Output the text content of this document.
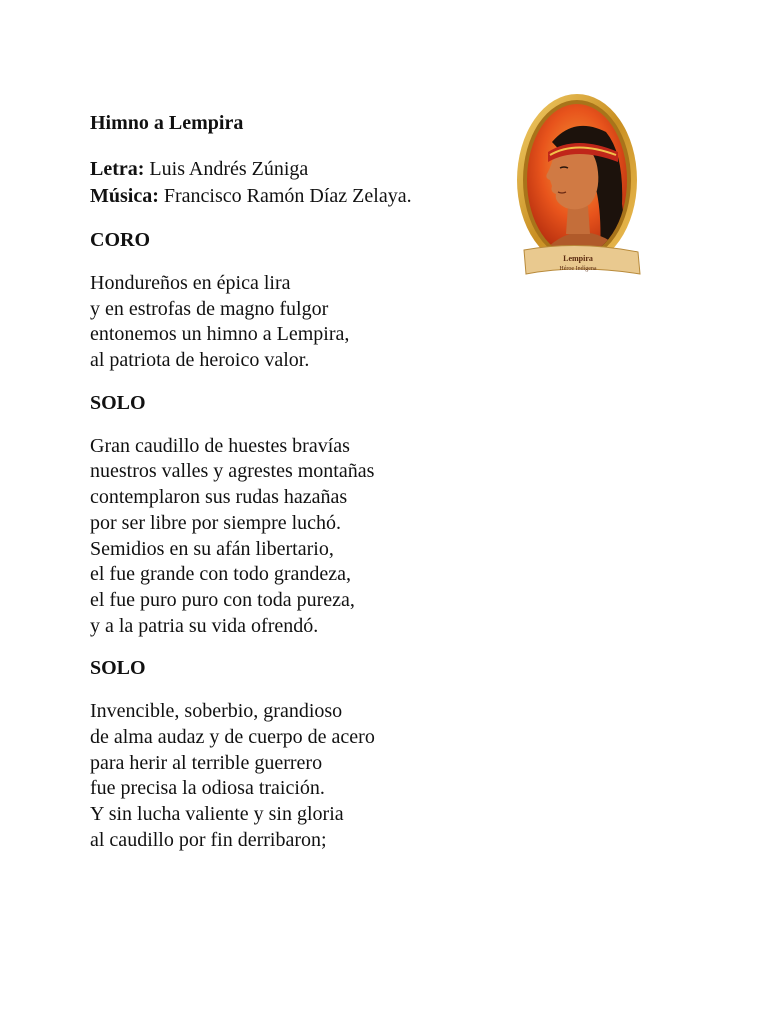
Himno a Lempira
Letra: Luis Andrés Zúniga
Música: Francisco Ramón Díaz Zelaya.
CORO
Hondureños en épica lira
y en estrofas de magno fulgor
entonemos un himno a Lempira,
al patriota de heroico valor.
SOLO
Gran caudillo de huestes bravías
nuestros valles y agrestes montañas
contemplaron sus rudas hazañas
por ser libre por siempre luchó.
Semidios en su afán libertario,
el fue grande con todo grandeza,
el fue puro puro con toda pureza,
y a la patria su vida ofrendó.
SOLO
Invencible, soberbio, grandioso
de alma audaz y de cuerpo de acero
para herir al terrible guerrero
fue precisa la odiosa traición.
Y sin lucha valiente y sin gloria
al caudillo por fin derribaron;
Lempira
Héroe Indígena
